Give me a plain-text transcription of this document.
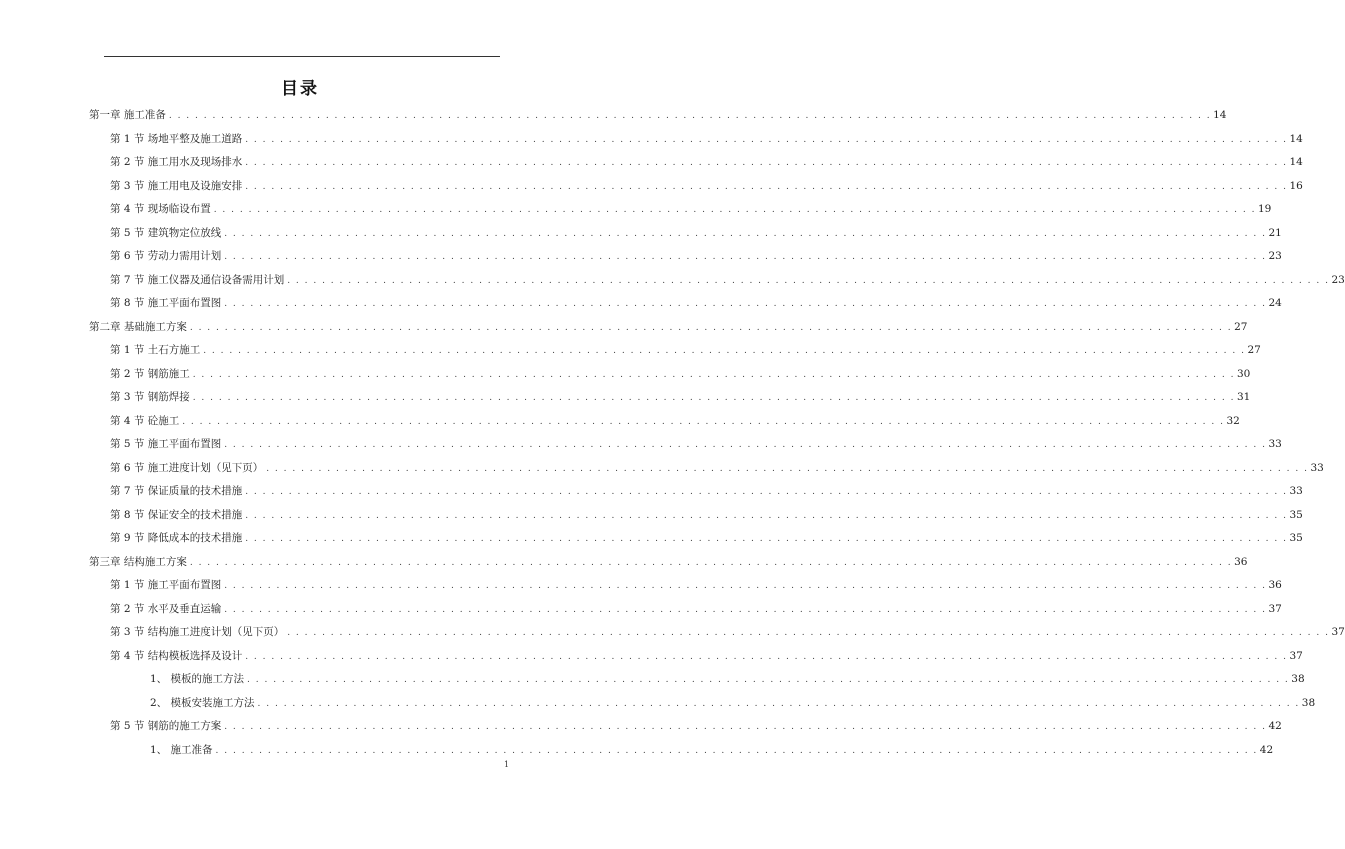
目录
第一章 施工准备 . . . . . . . . . . . . . . . . . . . . . . . . . . . . . . . . . . . . . . . . . . . . . . . . . . . . . . . . . . . . . . . . . . . . . . . . . . . . . . . . . . . . . . . . . . . . . . . . . . . . . . . . . . . . . . . . . . . . . . . . 14
第 1 节 场地平整及施工道路 . . . . . . . . . . . . . . . . . . . . . . . . . . . . . . . . . . . . . . . . . . . . . . . . . . . . . . . . . . . . . . . . . . . . . . . . . . . . . . . . . . . . . . . . . . . . . . . . . . . . . . . . . . . . . . . . . . . . . . . . 14
第 2 节 施工用水及现场排水 . . . . . . . . . . . . . . . . . . . . . . . . . . . . . . . . . . . . . . . . . . . . . . . . . . . . . . . . . . . . . . . . . . . . . . . . . . . . . . . . . . . . . . . . . . . . . . . . . . . . . . . . . . . . . . . . . . . . . . . . 14
第 3 节 施工用电及设施安排 . . . . . . . . . . . . . . . . . . . . . . . . . . . . . . . . . . . . . . . . . . . . . . . . . . . . . . . . . . . . . . . . . . . . . . . . . . . . . . . . . . . . . . . . . . . . . . . . . . . . . . . . . . . . . . . . . . . . . . . . 16
第 4 节 现场临设布置 . . . . . . . . . . . . . . . . . . . . . . . . . . . . . . . . . . . . . . . . . . . . . . . . . . . . . . . . . . . . . . . . . . . . . . . . . . . . . . . . . . . . . . . . . . . . . . . . . . . . . . . . . . . . . . . . . . . . . . . . 19
第 5 节 建筑物定位放线 . . . . . . . . . . . . . . . . . . . . . . . . . . . . . . . . . . . . . . . . . . . . . . . . . . . . . . . . . . . . . . . . . . . . . . . . . . . . . . . . . . . . . . . . . . . . . . . . . . . . . . . . . . . . . . . . . . . . . . . . 21
第 6 节 劳动力需用计划 . . . . . . . . . . . . . . . . . . . . . . . . . . . . . . . . . . . . . . . . . . . . . . . . . . . . . . . . . . . . . . . . . . . . . . . . . . . . . . . . . . . . . . . . . . . . . . . . . . . . . . . . . . . . . . . . . . . . . . . . 23
第 7 节 施工仪器及通信设备需用计划 . . . . . . . . . . . . . . . . . . . . . . . . . . . . . . . . . . . . . . . . . . . . . . . . . . . . . . . . . . . . . . . . . . . . . . . . . . . . . . . . . . . . . . . . . . . . . . . . . . . . . . . . . . . . . . . . . . . . . . . . 23
第 8 节 施工平面布置图 . . . . . . . . . . . . . . . . . . . . . . . . . . . . . . . . . . . . . . . . . . . . . . . . . . . . . . . . . . . . . . . . . . . . . . . . . . . . . . . . . . . . . . . . . . . . . . . . . . . . . . . . . . . . . . . . . . . . . . . . 24
第二章 基础施工方案 . . . . . . . . . . . . . . . . . . . . . . . . . . . . . . . . . . . . . . . . . . . . . . . . . . . . . . . . . . . . . . . . . . . . . . . . . . . . . . . . . . . . . . . . . . . . . . . . . . . . . . . . . . . . . . . . . . . . . . . . 27
第 1 节 土石方施工 . . . . . . . . . . . . . . . . . . . . . . . . . . . . . . . . . . . . . . . . . . . . . . . . . . . . . . . . . . . . . . . . . . . . . . . . . . . . . . . . . . . . . . . . . . . . . . . . . . . . . . . . . . . . . . . . . . . . . . . . 27
第 2 节 钢筋施工 . . . . . . . . . . . . . . . . . . . . . . . . . . . . . . . . . . . . . . . . . . . . . . . . . . . . . . . . . . . . . . . . . . . . . . . . . . . . . . . . . . . . . . . . . . . . . . . . . . . . . . . . . . . . . . . . . . . . . . . . 30
第 3 节 钢筋焊接 . . . . . . . . . . . . . . . . . . . . . . . . . . . . . . . . . . . . . . . . . . . . . . . . . . . . . . . . . . . . . . . . . . . . . . . . . . . . . . . . . . . . . . . . . . . . . . . . . . . . . . . . . . . . . . . . . . . . . . . . 31
第 4 节 砼施工 . . . . . . . . . . . . . . . . . . . . . . . . . . . . . . . . . . . . . . . . . . . . . . . . . . . . . . . . . . . . . . . . . . . . . . . . . . . . . . . . . . . . . . . . . . . . . . . . . . . . . . . . . . . . . . . . . . . . . . . . 32
第 5 节 施工平面布置图 . . . . . . . . . . . . . . . . . . . . . . . . . . . . . . . . . . . . . . . . . . . . . . . . . . . . . . . . . . . . . . . . . . . . . . . . . . . . . . . . . . . . . . . . . . . . . . . . . . . . . . . . . . . . . . . . . . . . . . . . 33
第 6 节 施工进度计划（见下页） . . . . . . . . . . . . . . . . . . . . . . . . . . . . . . . . . . . . . . . . . . . . . . . . . . . . . . . . . . . . . . . . . . . . . . . . . . . . . . . . . . . . . . . . . . . . . . . . . . . . . . . . . . . . . . . . . . . . . . . . 33
第 7 节 保证质量的技术措施 . . . . . . . . . . . . . . . . . . . . . . . . . . . . . . . . . . . . . . . . . . . . . . . . . . . . . . . . . . . . . . . . . . . . . . . . . . . . . . . . . . . . . . . . . . . . . . . . . . . . . . . . . . . . . . . . . . . . . . . . 33
第 8 节 保证安全的技术措施 . . . . . . . . . . . . . . . . . . . . . . . . . . . . . . . . . . . . . . . . . . . . . . . . . . . . . . . . . . . . . . . . . . . . . . . . . . . . . . . . . . . . . . . . . . . . . . . . . . . . . . . . . . . . . . . . . . . . . . . . 35
第 9 节 降低成本的技术措施 . . . . . . . . . . . . . . . . . . . . . . . . . . . . . . . . . . . . . . . . . . . . . . . . . . . . . . . . . . . . . . . . . . . . . . . . . . . . . . . . . . . . . . . . . . . . . . . . . . . . . . . . . . . . . . . . . . . . . . . . 35
第三章 结构施工方案 . . . . . . . . . . . . . . . . . . . . . . . . . . . . . . . . . . . . . . . . . . . . . . . . . . . . . . . . . . . . . . . . . . . . . . . . . . . . . . . . . . . . . . . . . . . . . . . . . . . . . . . . . . . . . . . . . . . . . . . . 36
第 1 节 施工平面布置图 . . . . . . . . . . . . . . . . . . . . . . . . . . . . . . . . . . . . . . . . . . . . . . . . . . . . . . . . . . . . . . . . . . . . . . . . . . . . . . . . . . . . . . . . . . . . . . . . . . . . . . . . . . . . . . . . . . . . . . . . 36
第 2 节 水平及垂直运输 . . . . . . . . . . . . . . . . . . . . . . . . . . . . . . . . . . . . . . . . . . . . . . . . . . . . . . . . . . . . . . . . . . . . . . . . . . . . . . . . . . . . . . . . . . . . . . . . . . . . . . . . . . . . . . . . . . . . . . . . 37
第 3 节 结构施工进度计划（见下页） . . . . . . . . . . . . . . . . . . . . . . . . . . . . . . . . . . . . . . . . . . . . . . . . . . . . . . . . . . . . . . . . . . . . . . . . . . . . . . . . . . . . . . . . . . . . . . . . . . . . . . . . . . . . . . . . . . . . . . . . 37
第 4 节 结构模板选择及设计 . . . . . . . . . . . . . . . . . . . . . . . . . . . . . . . . . . . . . . . . . . . . . . . . . . . . . . . . . . . . . . . . . . . . . . . . . . . . . . . . . . . . . . . . . . . . . . . . . . . . . . . . . . . . . . . . . . . . . . . . 37
1、 模板的施工方法 . . . . . . . . . . . . . . . . . . . . . . . . . . . . . . . . . . . . . . . . . . . . . . . . . . . . . . . . . . . . . . . . . . . . . . . . . . . . . . . . . . . . . . . . . . . . . . . . . . . . . . . . . . . . . . . . . . . . . . . . 38
2、 模板安装施工方法 . . . . . . . . . . . . . . . . . . . . . . . . . . . . . . . . . . . . . . . . . . . . . . . . . . . . . . . . . . . . . . . . . . . . . . . . . . . . . . . . . . . . . . . . . . . . . . . . . . . . . . . . . . . . . . . . . . . . . . . . 38
第 5 节 钢筋的施工方案 . . . . . . . . . . . . . . . . . . . . . . . . . . . . . . . . . . . . . . . . . . . . . . . . . . . . . . . . . . . . . . . . . . . . . . . . . . . . . . . . . . . . . . . . . . . . . . . . . . . . . . . . . . . . . . . . . . . . . . . . 42
1、 施工准备 . . . . . . . . . . . . . . . . . . . . . . . . . . . . . . . . . . . . . . . . . . . . . . . . . . . . . . . . . . . . . . . . . . . . . . . . . . . . . . . . . . . . . . . . . . . . . . . . . . . . . . . . . . . . . . . . . . . . . . . . 42
1
